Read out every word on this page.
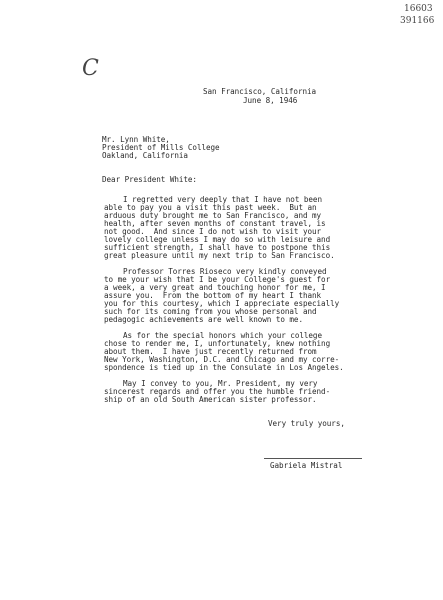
16603
391166
C
San Francisco, California
June 8, 1946
Mr. Lynn White,
President of Mills College
Oakland, California
Dear President White:
I regretted very deeply that I have not been
able to pay you a visit this past week.  But an
arduous duty brought me to San Francisco, and my
health, after seven months of constant travel, is
not good.  And since I do not wish to visit your
lovely college unless I may do so with leisure and
sufficient strength, I shall have to postpone this
great pleasure until my next trip to San Francisco.
Professor Torres Rioseco very kindly conveyed
to me your wish that I be your College's guest for
a week, a very great and touching honor for me, I
assure you.  From the bottom of my heart I thank
you for this courtesy, which I appreciate especially
such for its coming from you whose personal and
pedagogic achievements are well known to me.
As for the special honors which your college
chose to render me, I, unfortunately, knew nothing
about them.  I have just recently returned from
New York, Washington, D.C. and Chicago and my corre-
spondence is tied up in the Consulate in Los Angeles.
May I convey to you, Mr. President, my very
sincerest regards and offer you the humble friend-
ship of an old South American sister professor.
Very truly yours,
Gabriela Mistral
